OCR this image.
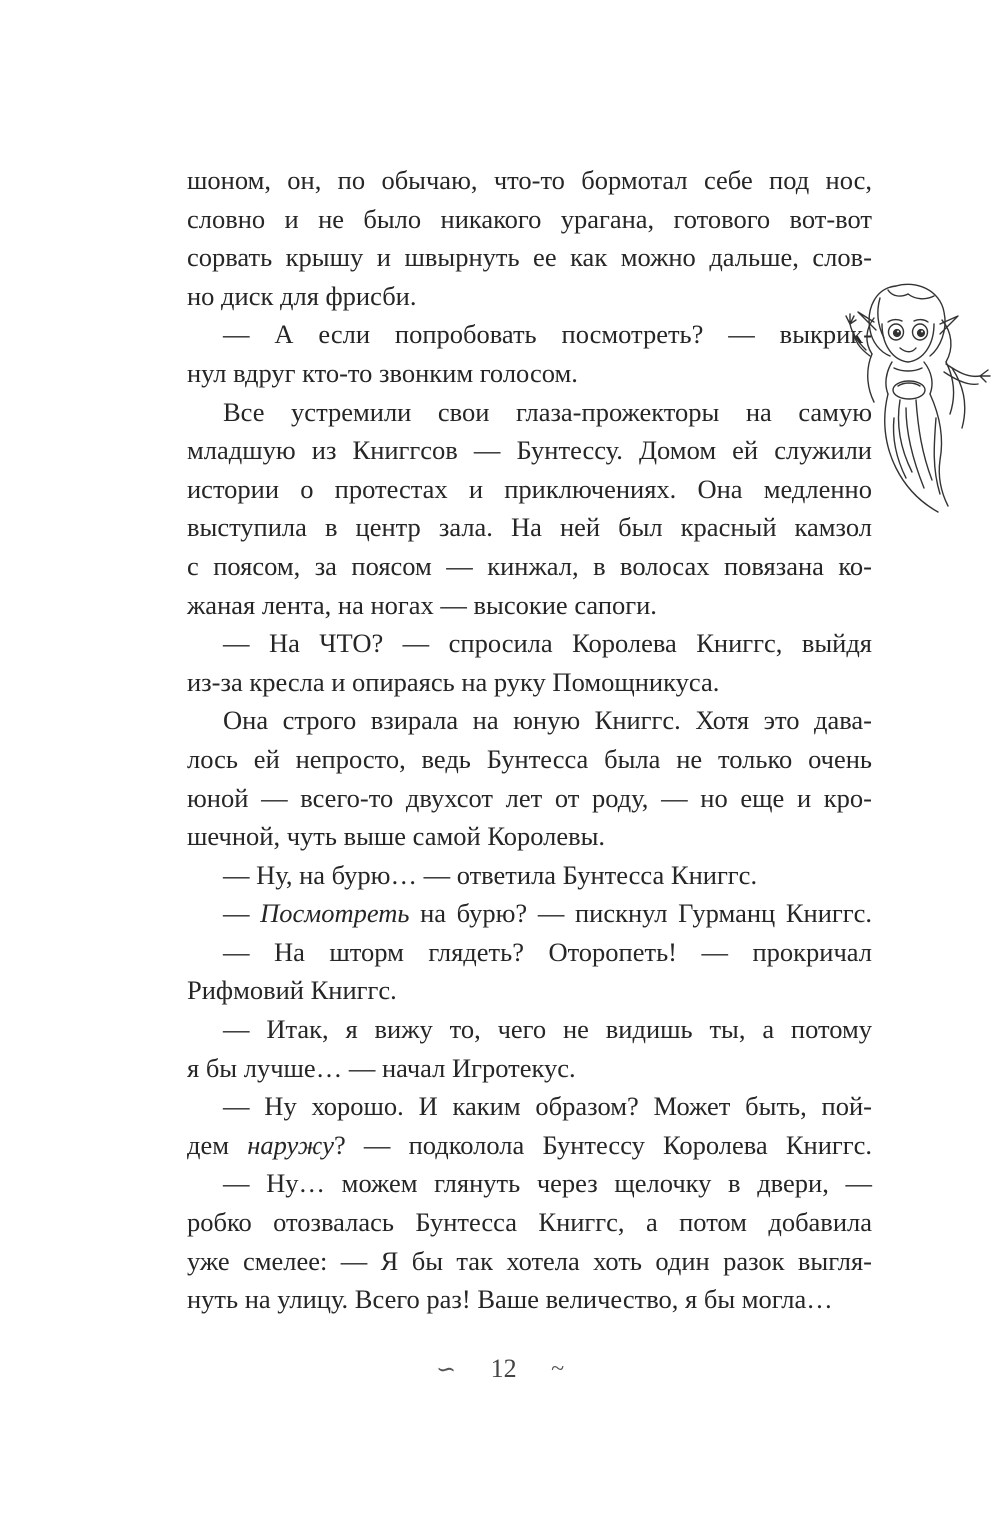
шоном, он, по обычаю, что-то бормотал себе под нос,
словно и не было никакого урагана, готового вот-вот
сорвать крышу и швырнуть ее как можно дальше, слов-
но диск для фрисби.
— А если попробовать посмотреть? — выкрик-
нул вдруг кто-то звонким голосом.
Все устремили свои глаза-прожекторы на самую
младшую из Книггсов — Бунтессу. Домом ей служили
истории о протестах и приключениях. Она медленно
выступила в центр зала. На ней был красный камзол
с поясом, за поясом — кинжал, в волосах повязана ко-
жаная лента, на ногах — высокие сапоги.
— На ЧТО? — спросила Королева Книггс, выйдя
из-за кресла и опираясь на руку Помощникуса.
Она строго взирала на юную Книггс. Хотя это дава-
лось ей непросто, ведь Бунтесса была не только очень
юной — всего-то двухсот лет от роду, — но еще и кро-
шечной, чуть выше самой Королевы.
— Ну, на бурю… — ответила Бунтесса Книггс.
— Посмотреть на бурю? — пискнул Гурманц Книггс.
— На шторм глядеть? Оторопеть! — прокричал
Рифмовий Книггс.
— Итак, я вижу то, чего не видишь ты, а потому
я бы лучше… — начал Игротекус.
— Ну хорошо. И каким образом? Может быть, пой-
дем наружу? — подколола Бунтессу Королева Книггс.
— Ну… можем глянуть через щелочку в двери, —
робко отозвалась Бунтесса Книггс, а потом добавила
уже смелее: — Я бы так хотела хоть один разок выгля-
нуть на улицу. Всего раз! Ваше величество, я бы могла…
∽ 12 ~
